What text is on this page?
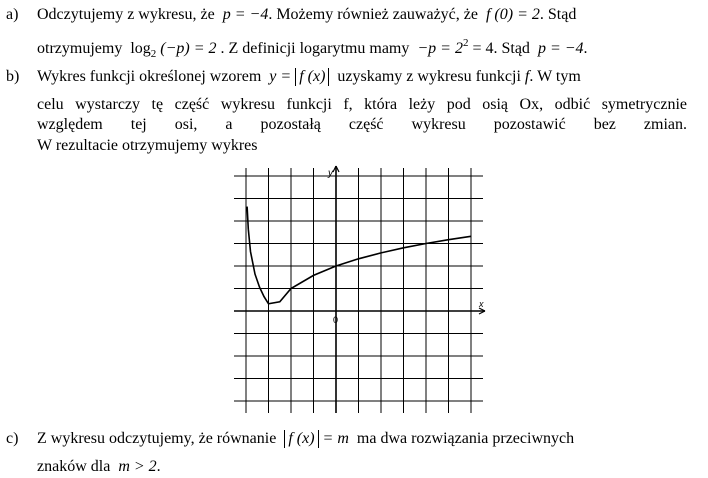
a) Odczytujemy z wykresu, że p = −4. Możemy również zauważyć, że f (0) = 2. Stąd
otrzymujemy $\log_2 (-p) = 2$ . Z definicji logarytmu mamy $-p = 2^2 = 4$. Stąd p = −4.
b) Wykres funkcji określonej wzorem y = f (x) uzyskamy z wykresu funkcji f. W tym
celu wystarczy tę część wykresu funkcji f, która leży pod osią Ox, odbić symetrycznie
względem tej osi, a pozostałą część wykresu pozostawić bez zmian.
W rezultacie otrzymujemy wykres
y
x
0
c) Z wykresu odczytujemy, że równanie f (x) = m ma dwa rozwiązania przeciwnych
znaków dla m > 2.
